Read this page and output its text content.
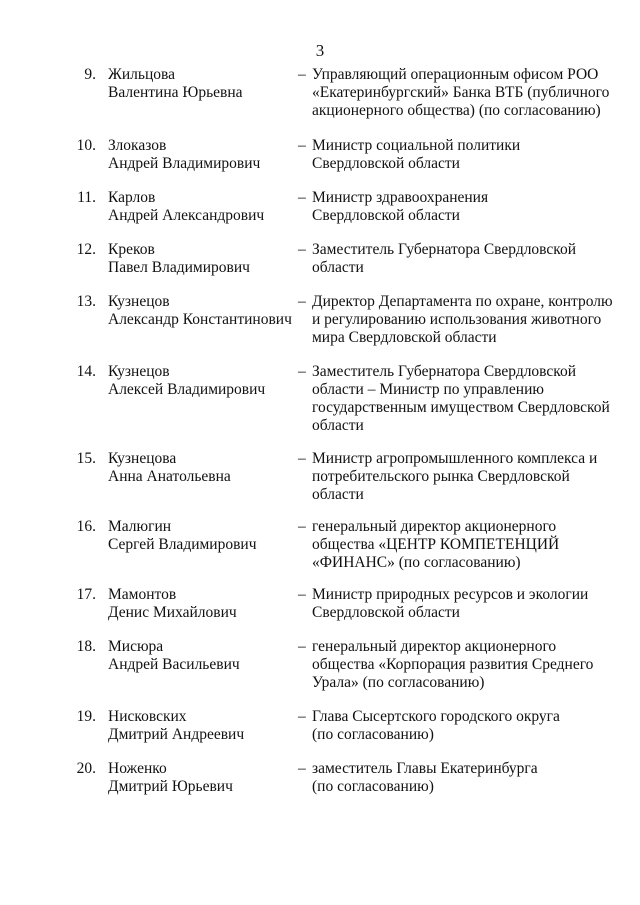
3
9. Жильцова
Валентина Юрьевна
– Управляющий операционным офисом РОО
«Екатеринбургский» Банка ВТБ (публичного
акционерного общества) (по согласованию)
10. Злоказов
Андрей Владимирович
– Министр социальной политики
Свердловской области
11. Карлов
Андрей Александрович
– Министр здравоохранения
Свердловской области
12. Креков
Павел Владимирович
– Заместитель Губернатора Свердловской
области
13. Кузнецов
Александр Константинович
– Директор Департамента по охране, контролю
и регулированию использования животного
мира Свердловской области
14. Кузнецов
Алексей Владимирович
– Заместитель Губернатора Свердловской
области – Министр по управлению
государственным имуществом Свердловской
области
15. Кузнецова
Анна Анатольевна
– Министр агропромышленного комплекса и
потребительского рынка Свердловской
области
16. Малюгин
Сергей Владимирович
– генеральный директор акционерного
общества «ЦЕНТР КОМПЕТЕНЦИЙ
«ФИНАНС» (по согласованию)
17. Мамонтов
Денис Михайлович
– Министр природных ресурсов и экологии
Свердловской области
18. Мисюра
Андрей Васильевич
– генеральный директор акционерного
общества «Корпорация развития Среднего
Урала» (по согласованию)
19. Нисковских
Дмитрий Андреевич
– Глава Сысертского городского округа
(по согласованию)
20. Ноженко
Дмитрий Юрьевич
– заместитель Главы Екатеринбурга
(по согласованию)
